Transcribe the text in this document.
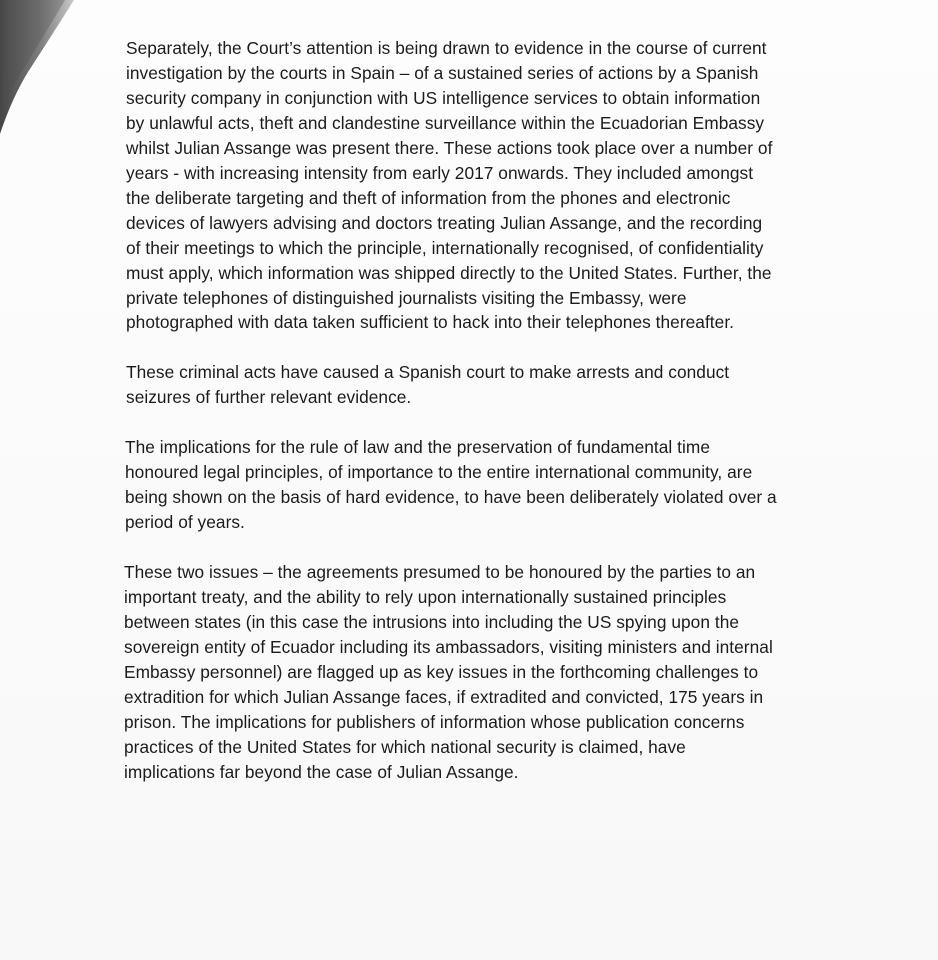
Separately, the Court’s attention is being drawn to evidence in the course of current
investigation by the courts in Spain – of a sustained series of actions by a Spanish
security company in conjunction with US intelligence services to obtain information
by unlawful acts, theft and clandestine surveillance within the Ecuadorian Embassy
whilst Julian Assange was present there. These actions took place over a number of
years - with increasing intensity from early 2017 onwards. They included amongst
the deliberate targeting and theft of information from the phones and electronic
devices of lawyers advising and doctors treating Julian Assange, and the recording
of their meetings to which the principle, internationally recognised, of confidentiality
must apply, which information was shipped directly to the United States. Further, the
private telephones of distinguished journalists visiting the Embassy, were
photographed with data taken sufficient to hack into their telephones thereafter.
These criminal acts have caused a Spanish court to make arrests and conduct
seizures of further relevant evidence.
The implications for the rule of law and the preservation of fundamental time
honoured legal principles, of importance to the entire international community, are
being shown on the basis of hard evidence, to have been deliberately violated over a
period of years.
These two issues – the agreements presumed to be honoured by the parties to an
important treaty, and the ability to rely upon internationally sustained principles
between states (in this case the intrusions into including the US spying upon the
sovereign entity of Ecuador including its ambassadors, visiting ministers and internal
Embassy personnel) are flagged up as key issues in the forthcoming challenges to
extradition for which Julian Assange faces, if extradited and convicted, 175 years in
prison. The implications for publishers of information whose publication concerns
practices of the United States for which national security is claimed, have
implications far beyond the case of Julian Assange.
